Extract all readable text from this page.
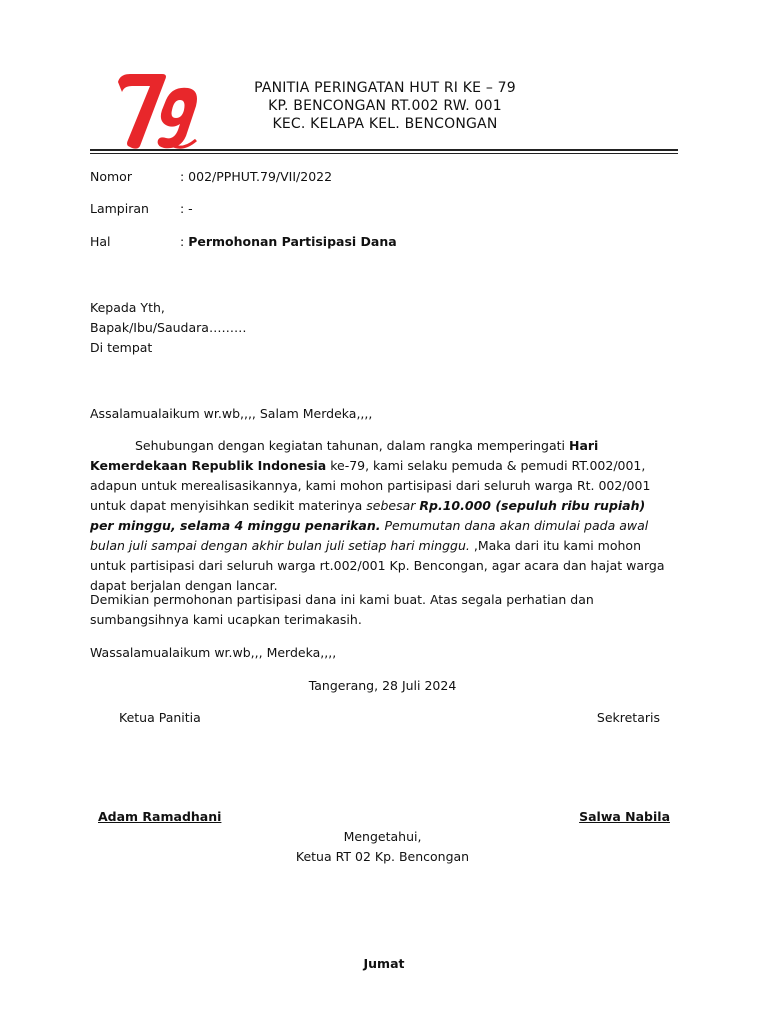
PANITIA PERINGATAN HUT RI KE – 79
KP. BENCONGAN RT.002 RW. 001
KEC. KELAPA KEL. BENCONGAN
Nomor	: 002/PPHUT.79/VII/2022
Lampiran : -
Hal	: Permohonan Partisipasi Dana
Kepada Yth,
Bapak/Ibu/Saudara………
Di tempat
Assalamualaikum wr.wb,,,, Salam Merdeka,,,,
Sehubungan dengan kegiatan tahunan, dalam rangka memperingati Hari Kemerdekaan Republik Indonesia ke-79, kami selaku pemuda & pemudi RT.002/001, adapun untuk merealisasikannya, kami mohon partisipasi dari seluruh warga Rt. 002/001 untuk dapat menyisihkan sedikit materinya sebesar Rp.10.000 (sepuluh ribu rupiah) per minggu, selama 4 minggu penarikan. Pemumutan dana akan dimulai pada awal bulan juli sampai dengan akhir bulan juli setiap hari minggu. ,Maka dari itu kami mohon untuk partisipasi dari seluruh warga rt.002/001 Kp. Bencongan, agar acara dan hajat warga dapat berjalan dengan lancar.
Demikian permohonan partisipasi dana ini kami buat. Atas segala perhatian dan sumbangsihnya kami ucapkan terimakasih.
Wassalamualaikum wr.wb,,, Merdeka,,,,
Tangerang, 28 Juli 2024
Ketua Panitia	Sekretaris
Adam Ramadhani	Salwa Nabila
Mengetahui,
Ketua RT 02 Kp. Bencongan
Jumat
